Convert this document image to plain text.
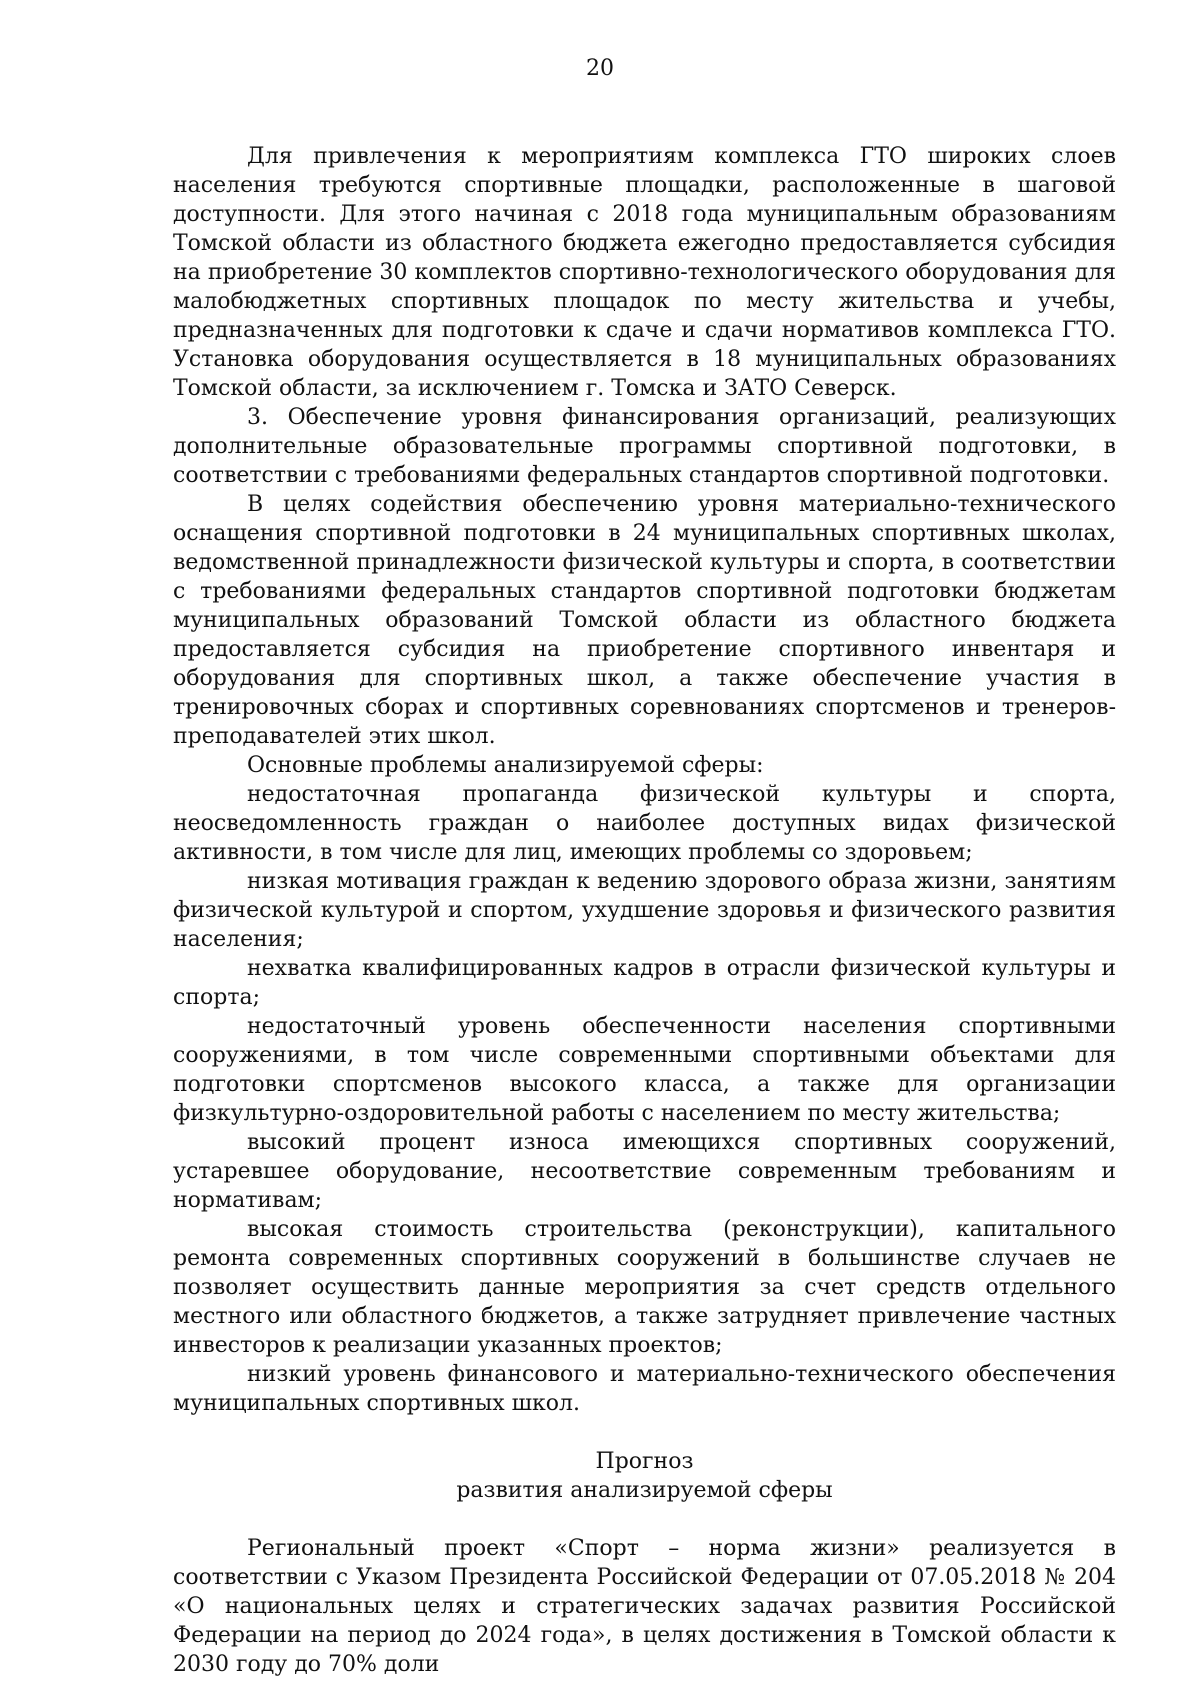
20

Для привлечения к мероприятиям комплекса ГТО широких слоев населения требуются спортивные площадки, расположенные в шаговой доступности. Для этого начиная с 2018 года муниципальным образованиям Томской области из областного бюджета ежегодно предоставляется субсидия на приобретение 30 комплектов спортивно-технологического оборудования для малобюджетных спортивных площадок по месту жительства и учебы, предназначенных для подготовки к сдаче и сдачи нормативов комплекса ГТО. Установка оборудования осуществляется в 18 муниципальных образованиях Томской области, за исключением г. Томска и ЗАТО Северск.

3. Обеспечение уровня финансирования организаций, реализующих дополнительные образовательные программы спортивной подготовки, в соответствии с требованиями федеральных стандартов спортивной подготовки.

В целях содействия обеспечению уровня материально-технического оснащения спортивной подготовки в 24 муниципальных спортивных школах, ведомственной принадлежности физической культуры и спорта, в соответствии с требованиями федеральных стандартов спортивной подготовки бюджетам муниципальных образований Томской области из областного бюджета предоставляется субсидия на приобретение спортивного инвентаря и оборудования для спортивных школ, а также обеспечение участия в тренировочных сборах и спортивных соревнованиях спортсменов и тренеров-преподавателей этих школ.

Основные проблемы анализируемой сферы:

недостаточная пропаганда физической культуры и спорта, неосведомленность граждан о наиболее доступных видах физической активности, в том числе для лиц, имеющих проблемы со здоровьем;

низкая мотивация граждан к ведению здорового образа жизни, занятиям физической культурой и спортом, ухудшение здоровья и физического развития населения;

нехватка квалифицированных кадров в отрасли физической культуры и спорта;

недостаточный уровень обеспеченности населения спортивными сооружениями, в том числе современными спортивными объектами для подготовки спортсменов высокого класса, а также для организации физкультурно-оздоровительной работы с населением по месту жительства;

высокий процент износа имеющихся спортивных сооружений, устаревшее оборудование, несоответствие современным требованиям и нормативам;

высокая стоимость строительства (реконструкции), капитального ремонта современных спортивных сооружений в большинстве случаев не позволяет осуществить данные мероприятия за счет средств отдельного местного или областного бюджетов, а также затрудняет привлечение частных инвесторов к реализации указанных проектов;

низкий уровень финансового и материально-технического обеспечения муниципальных спортивных школ.

Прогноз
развития анализируемой сферы

Региональный проект «Спорт – норма жизни» реализуется в соответствии с Указом Президента Российской Федерации от 07.05.2018 № 204 «О национальных целях и стратегических задачах развития Российской Федерации на период до 2024 года», в целях достижения в Томской области к 2030 году до 70% доли
